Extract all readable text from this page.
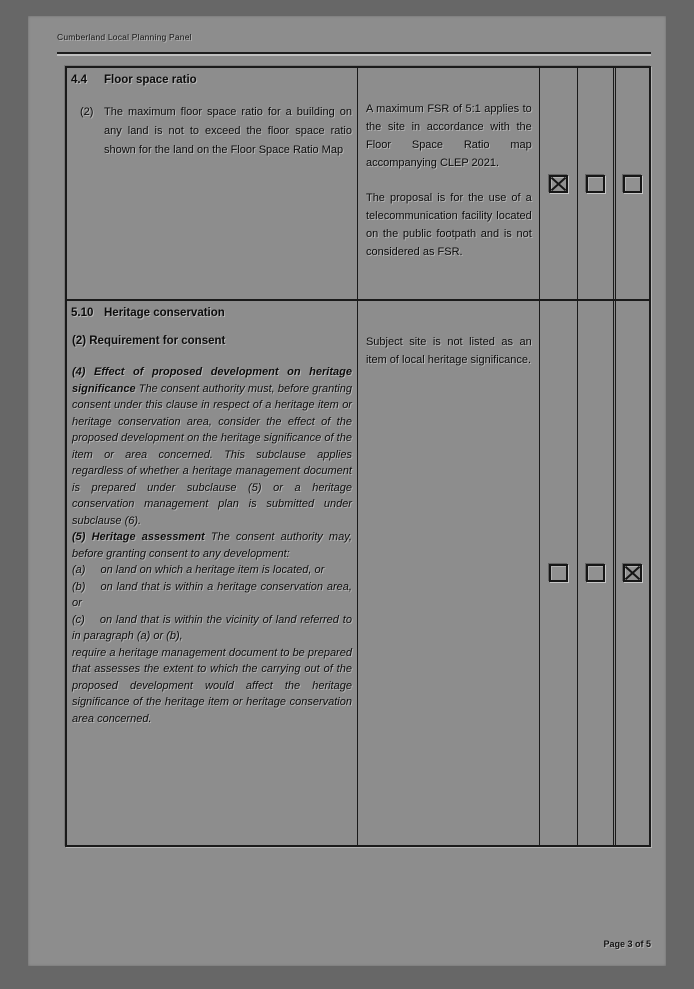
Cumberland Local Planning Panel
4.4	Floor space ratio
(2) The maximum floor space ratio for a building on any land is not to exceed the floor space ratio shown for the land on the Floor Space Ratio Map

A maximum FSR of 5:1 applies to the site in accordance with the Floor Space Ratio map accompanying CLEP 2021.

The proposal is for the use of a telecommunication facility located on the public footpath and is not considered as FSR.

5.10 Heritage conservation
(2) Requirement for consent

(4) Effect of proposed development on heritage significance The consent authority must, before granting consent under this clause in respect of a heritage item or heritage conservation area, consider the effect of the proposed development on the heritage significance of the item or area concerned. This subclause applies regardless of whether a heritage management document is prepared under subclause (5) or a heritage conservation management plan is submitted under subclause (6).

(5) Heritage assessment The consent authority may, before granting consent to any development:

(a) on land on which a heritage item is located, or

(b) on land that is within a heritage conservation area, or

(c) on land that is within the vicinity of land referred to in paragraph (a) or (b),

require a heritage management document to be prepared that assesses the extent to which the carrying out of the proposed development would affect the heritage significance of the heritage item or heritage conservation area concerned.

Subject site is not listed as an item of local heritage significance.

Page 3 of 5
